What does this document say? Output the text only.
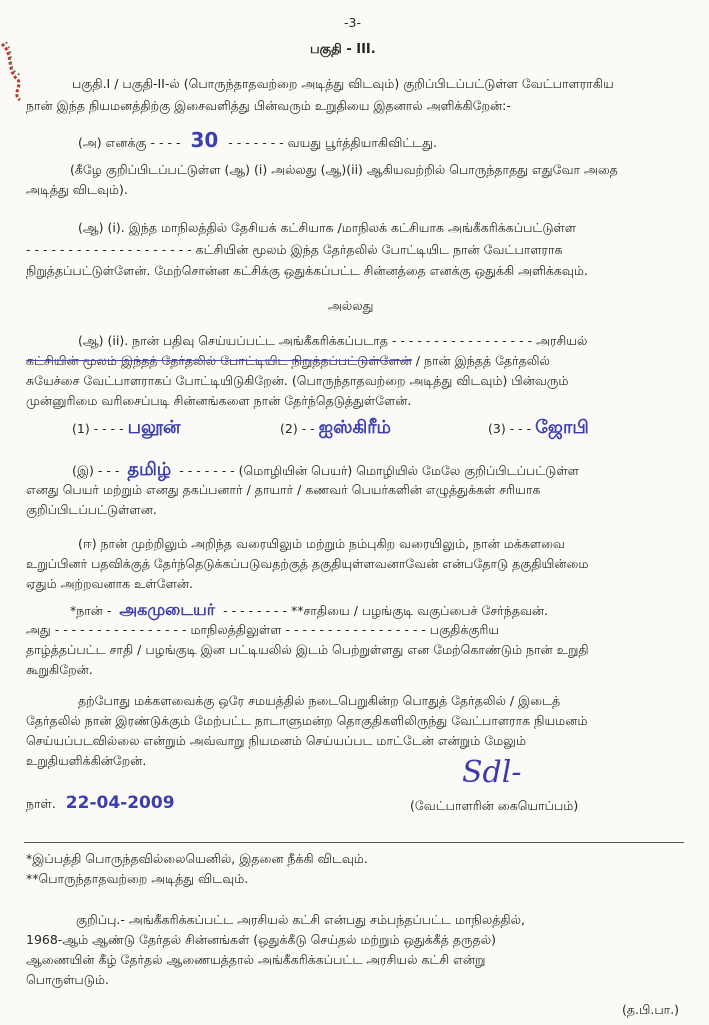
-3-
பகுதி - III.
பகுதி.I / பகுதி-II-ல் (பொருந்தாதவற்றை அடித்து விடவும்) குறிப்பிடப்பட்டுள்ள வேட்பாளராகிய
நான் இந்த நியமனத்திற்கு இசைவளித்து பின்வரும் உறுதியை இதனால் அளிக்கிறேன்:-
(அ) எனக்கு - - - - 30 - - - - - - - வயது பூர்த்தியாகிவிட்டது.
(கீழே குறிப்பிடப்பட்டுள்ள (ஆ) (i) அல்லது (ஆ)(ii) ஆகியவற்றில் பொருந்தாதது எதுவோ அதை
அடித்து விடவும்).
(ஆ) (i). இந்த மாநிலத்தில் தேசியக் கட்சியாக /மாநிலக் கட்சியாக அங்கீகரிக்கப்பட்டுள்ள
- - - - - - - - - - - - - - - - - - - - கட்சியின் மூலம் இந்த தேர்தலில் போட்டியிட நான் வேட்பாளராக
நிறுத்தப்பட்டுள்ளேன். மேற்சொன்ன கட்சிக்கு ஒதுக்கப்பட்ட சின்னத்தை எனக்கு ஒதுக்கி அளிக்கவும்.
அல்லது
(ஆ) (ii). நான் பதிவு செய்யப்பட்ட அங்கீகரிக்கப்படாத - - - - - - - - - - - - - - - - - அரசியல்
கட்சியின் மூலம் இந்தத் தேர்தலில் போட்டியிட நிறுத்தப்பட்டுள்ளேன் / நான் இந்தத் தேர்தலில்
சுயேச்சை வேட்பாளராகப் போட்டியிடுகிறேன். (பொருந்தாதவற்றை அடித்து விடவும்) பின்வரும்
முன்னுரிமை வரிசைப்படி சின்னங்களை நான் தேர்ந்தெடுத்துள்ளேன்.
(1) - - - - பலூன்	(2) - - ஐஸ்கிரீம்	(3) - - - ஜோபி
(இ) - - - தமிழ் - - - - - - - (மொழியின் பெயர்) மொழியில் மேலே குறிப்பிடப்பட்டுள்ள
எனது பெயர் மற்றும் எனது தகப்பனார் / தாயார் / கணவர் பெயர்களின் எழுத்துக்கள் சரியாக
குறிப்பிடப்பட்டுள்ளன.
(ஈ) நான் முற்றிலும் அறிந்த வரையிலும் மற்றும் நம்புகிற வரையிலும், நான் மக்களவை
உறுப்பினர் பதவிக்குத் தேர்ந்தெடுக்கப்படுவதற்குத் தகுதியுள்ளவனாவேன் என்பதோடு தகுதியின்மை
ஏதும் அற்றவனாக உள்ளேன்.
*நான் - அகமுடையர் - - - - - - - - **சாதியை / பழங்குடி வகுப்பைச் சேர்ந்தவன்.
அது - - - - - - - - - - - - - - - - மாநிலத்திலுள்ள - - - - - - - - - - - - - - - - - பகுதிக்குரிய
தாழ்த்தப்பட்ட சாதி / பழங்குடி இன பட்டியலில் இடம் பெற்றுள்ளது என மேற்கொண்டும் நான் உறுதி
கூறுகிறேன்.
தற்போது மக்களவைக்கு ஒரே சமயத்தில் நடைபெறுகின்ற பொதுத் தேர்தலில் / இடைத்
தேர்தலில் நான் இரண்டுக்கும் மேற்பட்ட நாடாளுமன்ற தொகுதிகளிலிருந்து வேட்பாளராக நியமனம்
செய்யப்படவில்லை என்றும் அவ்வாறு நியமனம் செய்யப்பட மாட்டேன் என்றும் மேலும்
உறுதியளிக்கின்றேன்.	Sdl-
நாள். 22-04-2009	(வேட்பாளரின் கையொப்பம்)
*இப்பத்தி பொருந்தவில்லையெனில், இதனை நீக்கி விடவும்.
**பொருந்தாதவற்றை அடித்து விடவும்.
குறிப்பு.- அங்கீகரிக்கப்பட்ட அரசியல் கட்சி என்பது சம்பந்தப்பட்ட மாநிலத்தில்,
1968-ஆம் ஆண்டு தேர்தல் சின்னங்கள் (ஒதுக்கீடு செய்தல் மற்றும் ஒதுக்கீத் தருதல்)
ஆணையின் கீழ் தேர்தல் ஆணையத்தால் அங்கீகரிக்கப்பட்ட அரசியல் கட்சி என்று
பொருள்படும்.
(த.பி.பா.)
